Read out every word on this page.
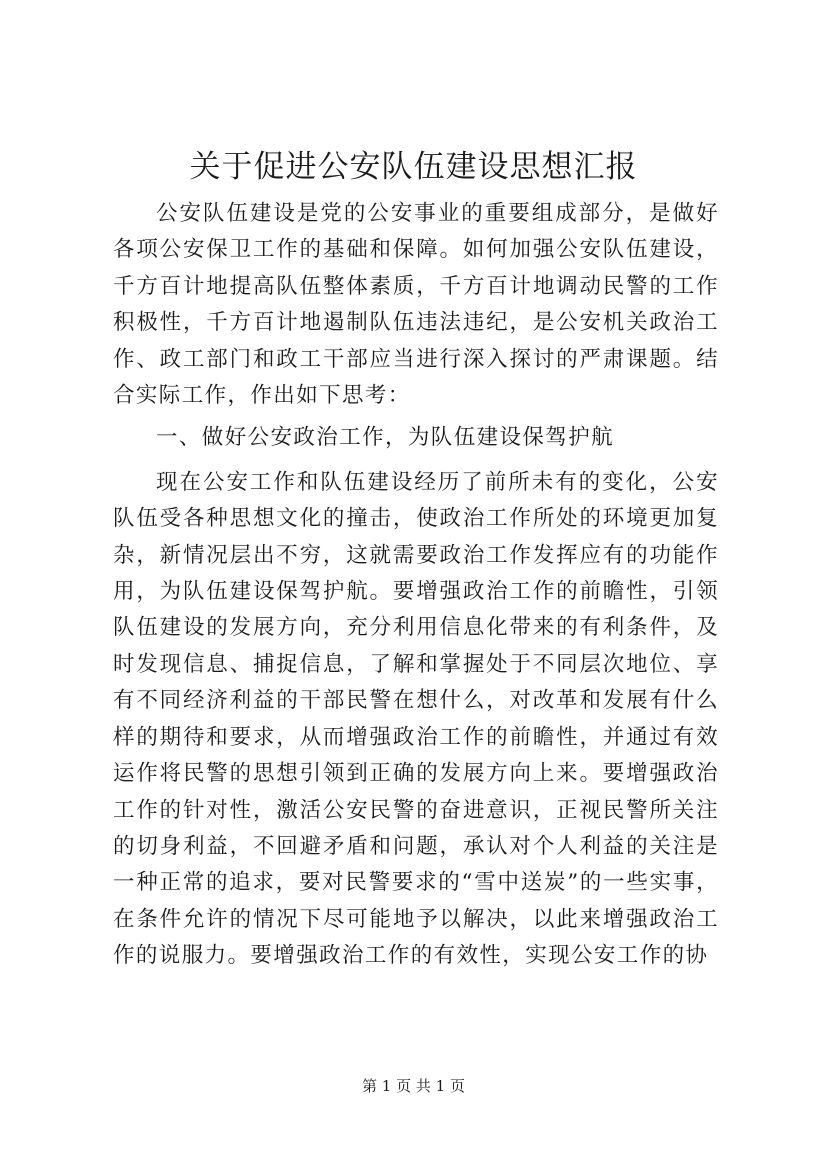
关于促进公安队伍建设思想汇报

公安队伍建设是党的公安事业的重要组成部分，是做好各项公安保卫工作的基础和保障。如何加强公安队伍建设，千方百计地提高队伍整体素质，千方百计地调动民警的工作积极性，千方百计地遏制队伍违法违纪，是公安机关政治工作、政工部门和政工干部应当进行深入探讨的严肃课题。结合实际工作，作出如下思考：

一、做好公安政治工作，为队伍建设保驾护航

现在公安工作和队伍建设经历了前所未有的变化，公安队伍受各种思想文化的撞击，使政治工作所处的环境更加复杂，新情况层出不穷，这就需要政治工作发挥应有的功能作用，为队伍建设保驾护航。要增强政治工作的前瞻性，引领队伍建设的发展方向，充分利用信息化带来的有利条件，及时发现信息、捕捉信息，了解和掌握处于不同层次地位、享有不同经济利益的干部民警在想什么，对改革和发展有什么样的期待和要求，从而增强政治工作的前瞻性，并通过有效运作将民警的思想引领到正确的发展方向上来。要增强政治工作的针对性，激活公安民警的奋进意识，正视民警所关注的切身利益，不回避矛盾和问题，承认对个人利益的关注是一种正常的追求，要对民警要求的“雪中送炭”的一些实事，在条件允许的情况下尽可能地予以解决，以此来增强政治工作的说服力。要增强政治工作的有效性，实现公安工作的协

第 1 页 共 1 页
